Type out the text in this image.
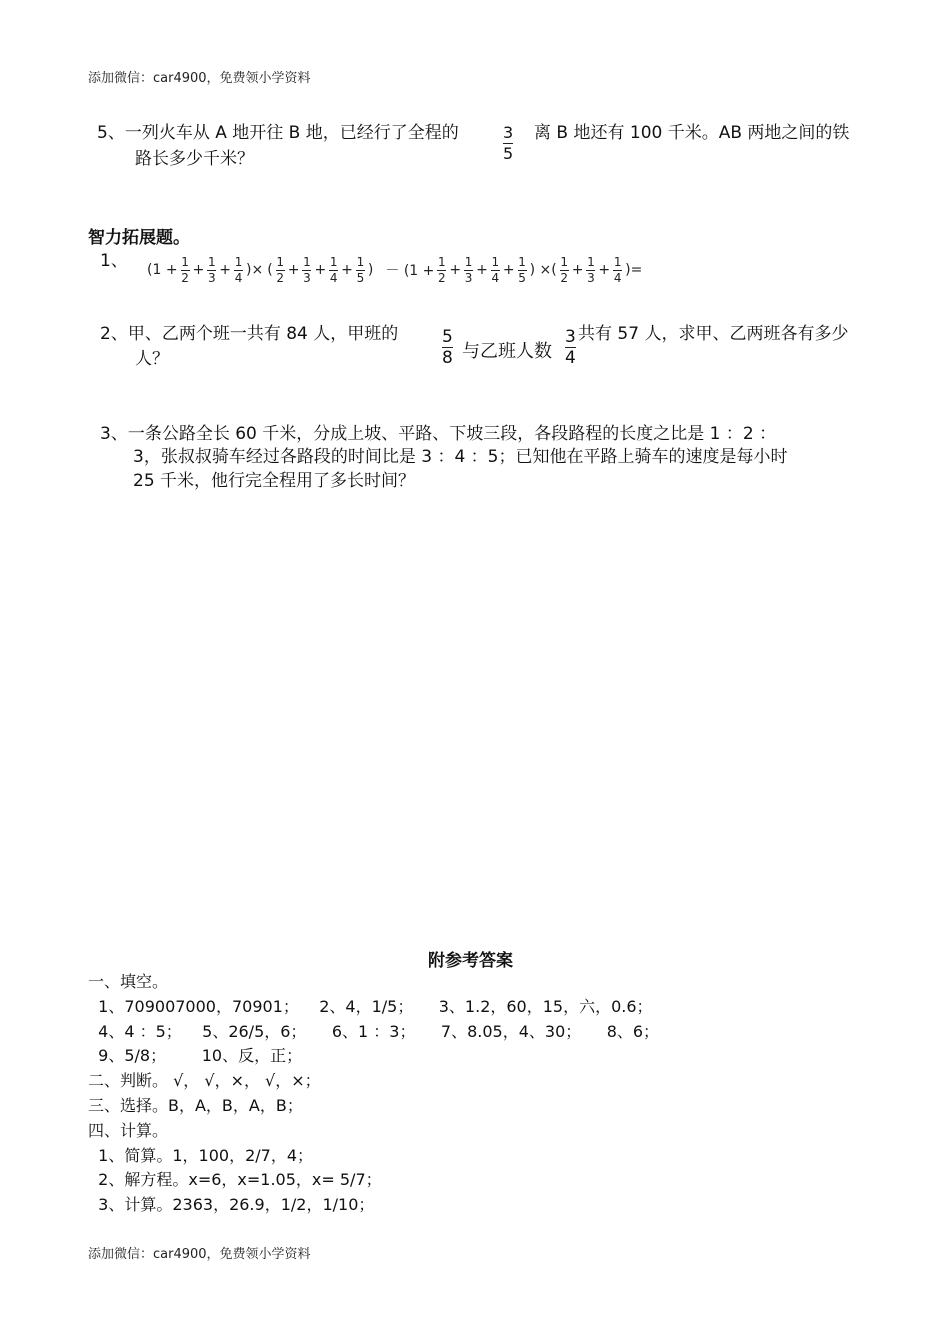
添加微信：car4900，免费领小学资料
5、一列火车从 A 地开往 B 地，已经行了全程的	3
5
离 B 地还有 100 千米。AB 两地之间的铁
路长多少千米？
智力拓展题。
1、 (1 +
1
2 +
1
3 +
1
4 )× (
1
2 +
1
3 +
1
4 +
1
5 ) － (1 +
1
2 +
1
3 +
1
4 +
1
5 ) ×(
1
2 +
1
3 +
1
4 )=
2、甲、乙两个班一共有 84 人，甲班的	5
8 与乙班人数
3
4
共有 57 人，求甲、乙两班各有多少
人？
3、一条公路全长 60 千米，分成上坡、平路、下坡三段，各段路程的长度之比是 1 ：2 ：
3，张叔叔骑车经过各路段的时间比是 3 ：4 ：5；已知他在平路上骑车的速度是每小时
25 千米，他行完全程用了多长时间？
附参考答案
一、填空。
1、709007000，70901；    2、4，1/5；     3、1.2，60，15，六，0.6；
4、4 ：5；    5、26/5，6；     6、1 ：3；     7、8.05，4、30；     8、6；
9、5/8；       10、反，正；
二、判断。 √， √，×， √，×；
三、选择。B，A，B，A，B；
四、计算。
1、简算。1，100，2/7，4；
2、解方程。x=6，x=1.05，x= 5/7；
3、计算。2363，26.9，1/2，1/10；
添加微信：car4900，免费领小学资料
